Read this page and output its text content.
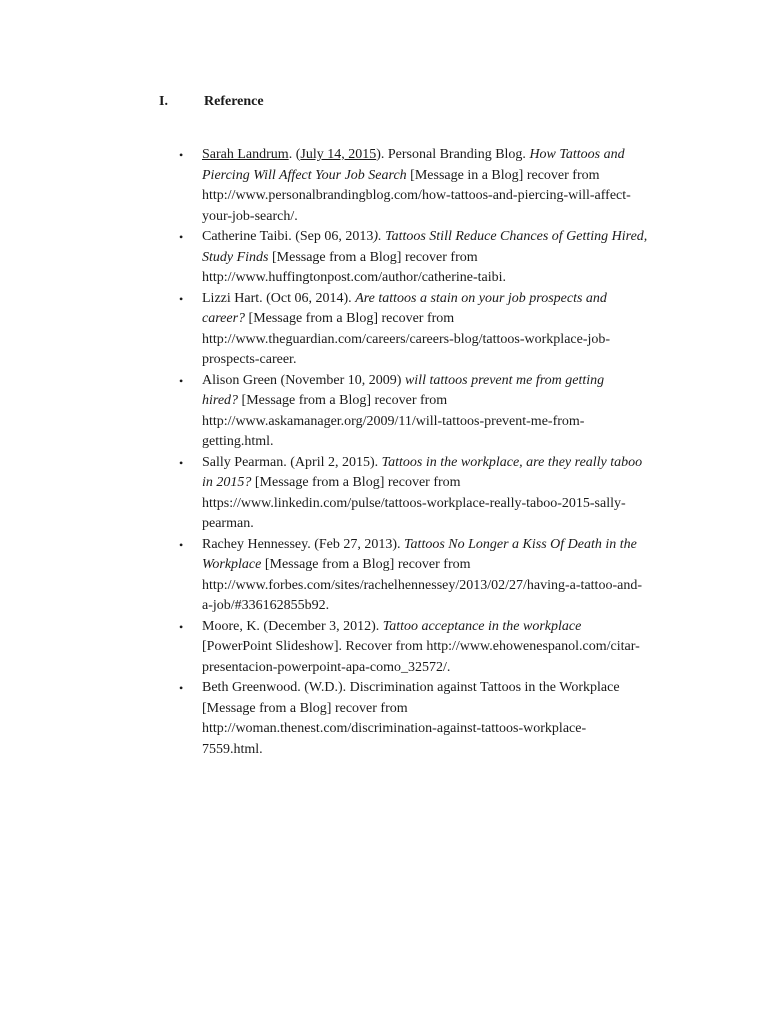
I.	Reference
• Sarah Landrum. (July 14, 2015). Personal Branding Blog. How Tattoos and
Piercing Will Affect Your Job Search [Message in a Blog] recover from
http://www.personalbrandingblog.com/how-tattoos-and-piercing-will-affect-
your-job-search/.
• Catherine Taibi. (Sep 06, 2013). Tattoos Still Reduce Chances of Getting Hired,
Study Finds [Message from a Blog] recover from
http://www.huffingtonpost.com/author/catherine-taibi.
• Lizzi Hart. (Oct 06, 2014). Are tattoos a stain on your job prospects and
career? [Message from a Blog] recover from
http://www.theguardian.com/careers/careers-blog/tattoos-workplace-job-
prospects-career.
• Alison Green (November 10, 2009) will tattoos prevent me from getting
hired? [Message from a Blog] recover from
http://www.askamanager.org/2009/11/will-tattoos-prevent-me-from-
getting.html.
• Sally Pearman. (April 2, 2015). Tattoos in the workplace, are they really taboo
in 2015? [Message from a Blog] recover from
https://www.linkedin.com/pulse/tattoos-workplace-really-taboo-2015-sally-
pearman.
• Rachey Hennessey. (Feb 27, 2013). Tattoos No Longer a Kiss Of Death in the
Workplace [Message from a Blog] recover from
http://www.forbes.com/sites/rachelhennessey/2013/02/27/having-a-tattoo-and-
a-job/#336162855b92.
• Moore, K. (December 3, 2012). Tattoo acceptance in the workplace
[PowerPoint Slideshow]. Recover from http://www.ehowenespanol.com/citar-
presentacion-powerpoint-apa-como_32572/.
• Beth Greenwood. (W.D.). Discrimination against Tattoos in the Workplace
[Message from a Blog] recover from
http://woman.thenest.com/discrimination-against-tattoos-workplace-
7559.html.
